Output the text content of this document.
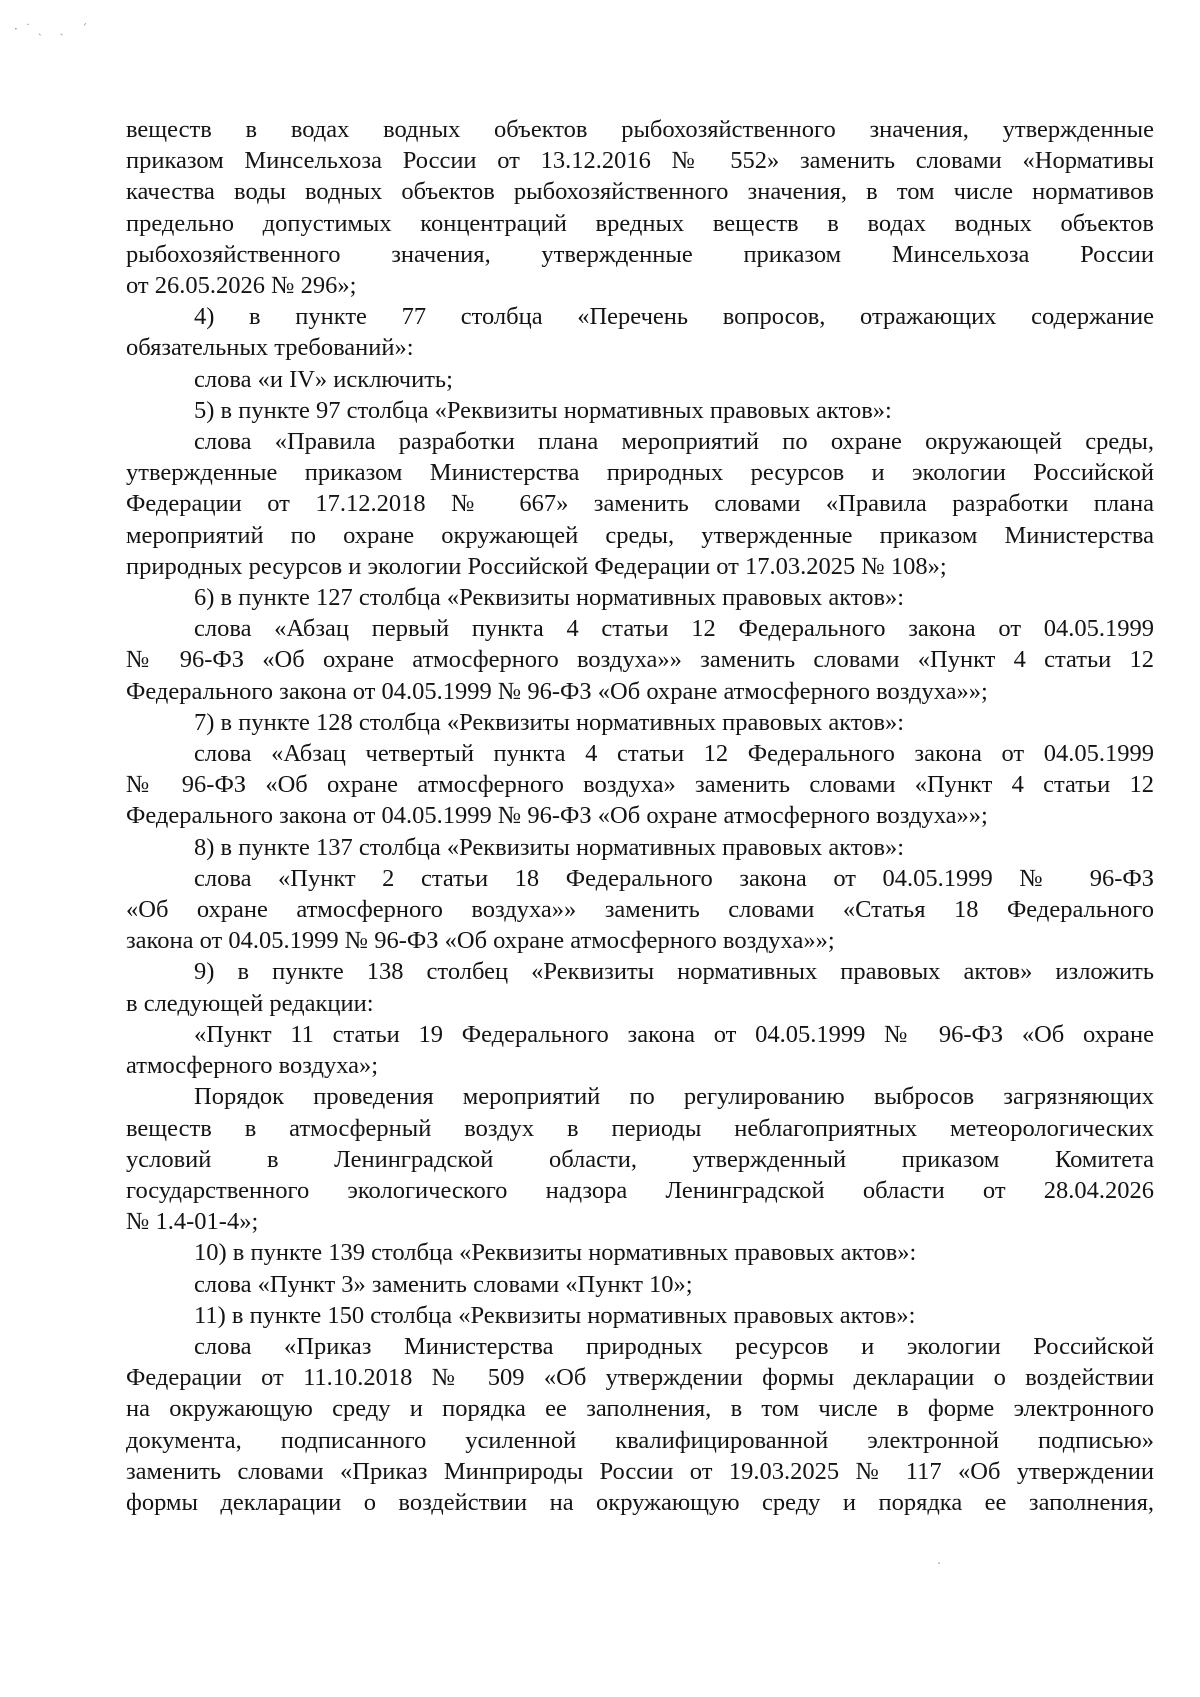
·˙ˏ ˎ ˊ

веществ в водах водных объектов рыбохозяйственного значения, утвержденные
приказом Минсельхоза России от 13.12.2016 № 552» заменить словами «Нормативы
качества воды водных объектов рыбохозяйственного значения, в том числе нормативов
предельно допустимых концентраций вредных веществ в водах водных объектов
рыбохозяйственного значения, утвержденные приказом Минсельхоза России
от 26.05.2026 № 296»;

4) в пункте 77 столбца «Перечень вопросов, отражающих содержание
обязательных требований»:

слова «и IV» исключить;

5) в пункте 97 столбца «Реквизиты нормативных правовых актов»:

слова «Правила разработки плана мероприятий по охране окружающей среды,
утвержденные приказом Министерства природных ресурсов и экологии Российской
Федерации от 17.12.2018 № 667» заменить словами «Правила разработки плана
мероприятий по охране окружающей среды, утвержденные приказом Министерства
природных ресурсов и экологии Российской Федерации от 17.03.2025 № 108»;

6) в пункте 127 столбца «Реквизиты нормативных правовых актов»:

слова «Абзац первый пункта 4 статьи 12 Федерального закона от 04.05.1999
№ 96-ФЗ «Об охране атмосферного воздуха»» заменить словами «Пункт 4 статьи 12
Федерального закона от 04.05.1999 № 96-ФЗ «Об охране атмосферного воздуха»»;

7) в пункте 128 столбца «Реквизиты нормативных правовых актов»:

слова «Абзац четвертый пункта 4 статьи 12 Федерального закона от 04.05.1999
№ 96-ФЗ «Об охране атмосферного воздуха» заменить словами «Пункт 4 статьи 12
Федерального закона от 04.05.1999 № 96-ФЗ «Об охране атмосферного воздуха»»;

8) в пункте 137 столбца «Реквизиты нормативных правовых актов»:

слова «Пункт 2 статьи 18 Федерального закона от 04.05.1999 № 96-ФЗ
«Об охране атмосферного воздуха»» заменить словами «Статья 18 Федерального
закона от 04.05.1999 № 96-ФЗ «Об охране атмосферного воздуха»»;

9) в пункте 138 столбец «Реквизиты нормативных правовых актов» изложить
в следующей редакции:

«Пункт 11 статьи 19 Федерального закона от 04.05.1999 № 96-ФЗ «Об охране
атмосферного воздуха»;

Порядок проведения мероприятий по регулированию выбросов загрязняющих
веществ в атмосферный воздух в периоды неблагоприятных метеорологических
условий в Ленинградской области, утвержденный приказом Комитета
государственного экологического надзора Ленинградской области от 28.04.2026
№ 1.4-01-4»;

10) в пункте 139 столбца «Реквизиты нормативных правовых актов»:

слова «Пункт 3» заменить словами «Пункт 10»;

11) в пункте 150 столбца «Реквизиты нормативных правовых актов»:

слова «Приказ Министерства природных ресурсов и экологии Российской
Федерации от 11.10.2018 № 509 «Об утверждении формы декларации о воздействии
на окружающую среду и порядка ее заполнения, в том числе в форме электронного
документа, подписанного усиленной квалифицированной электронной подписью»
заменить словами «Приказ Минприроды России от 19.03.2025 № 117 «Об утверждении
формы декларации о воздействии на окружающую среду и порядка ее заполнения,
